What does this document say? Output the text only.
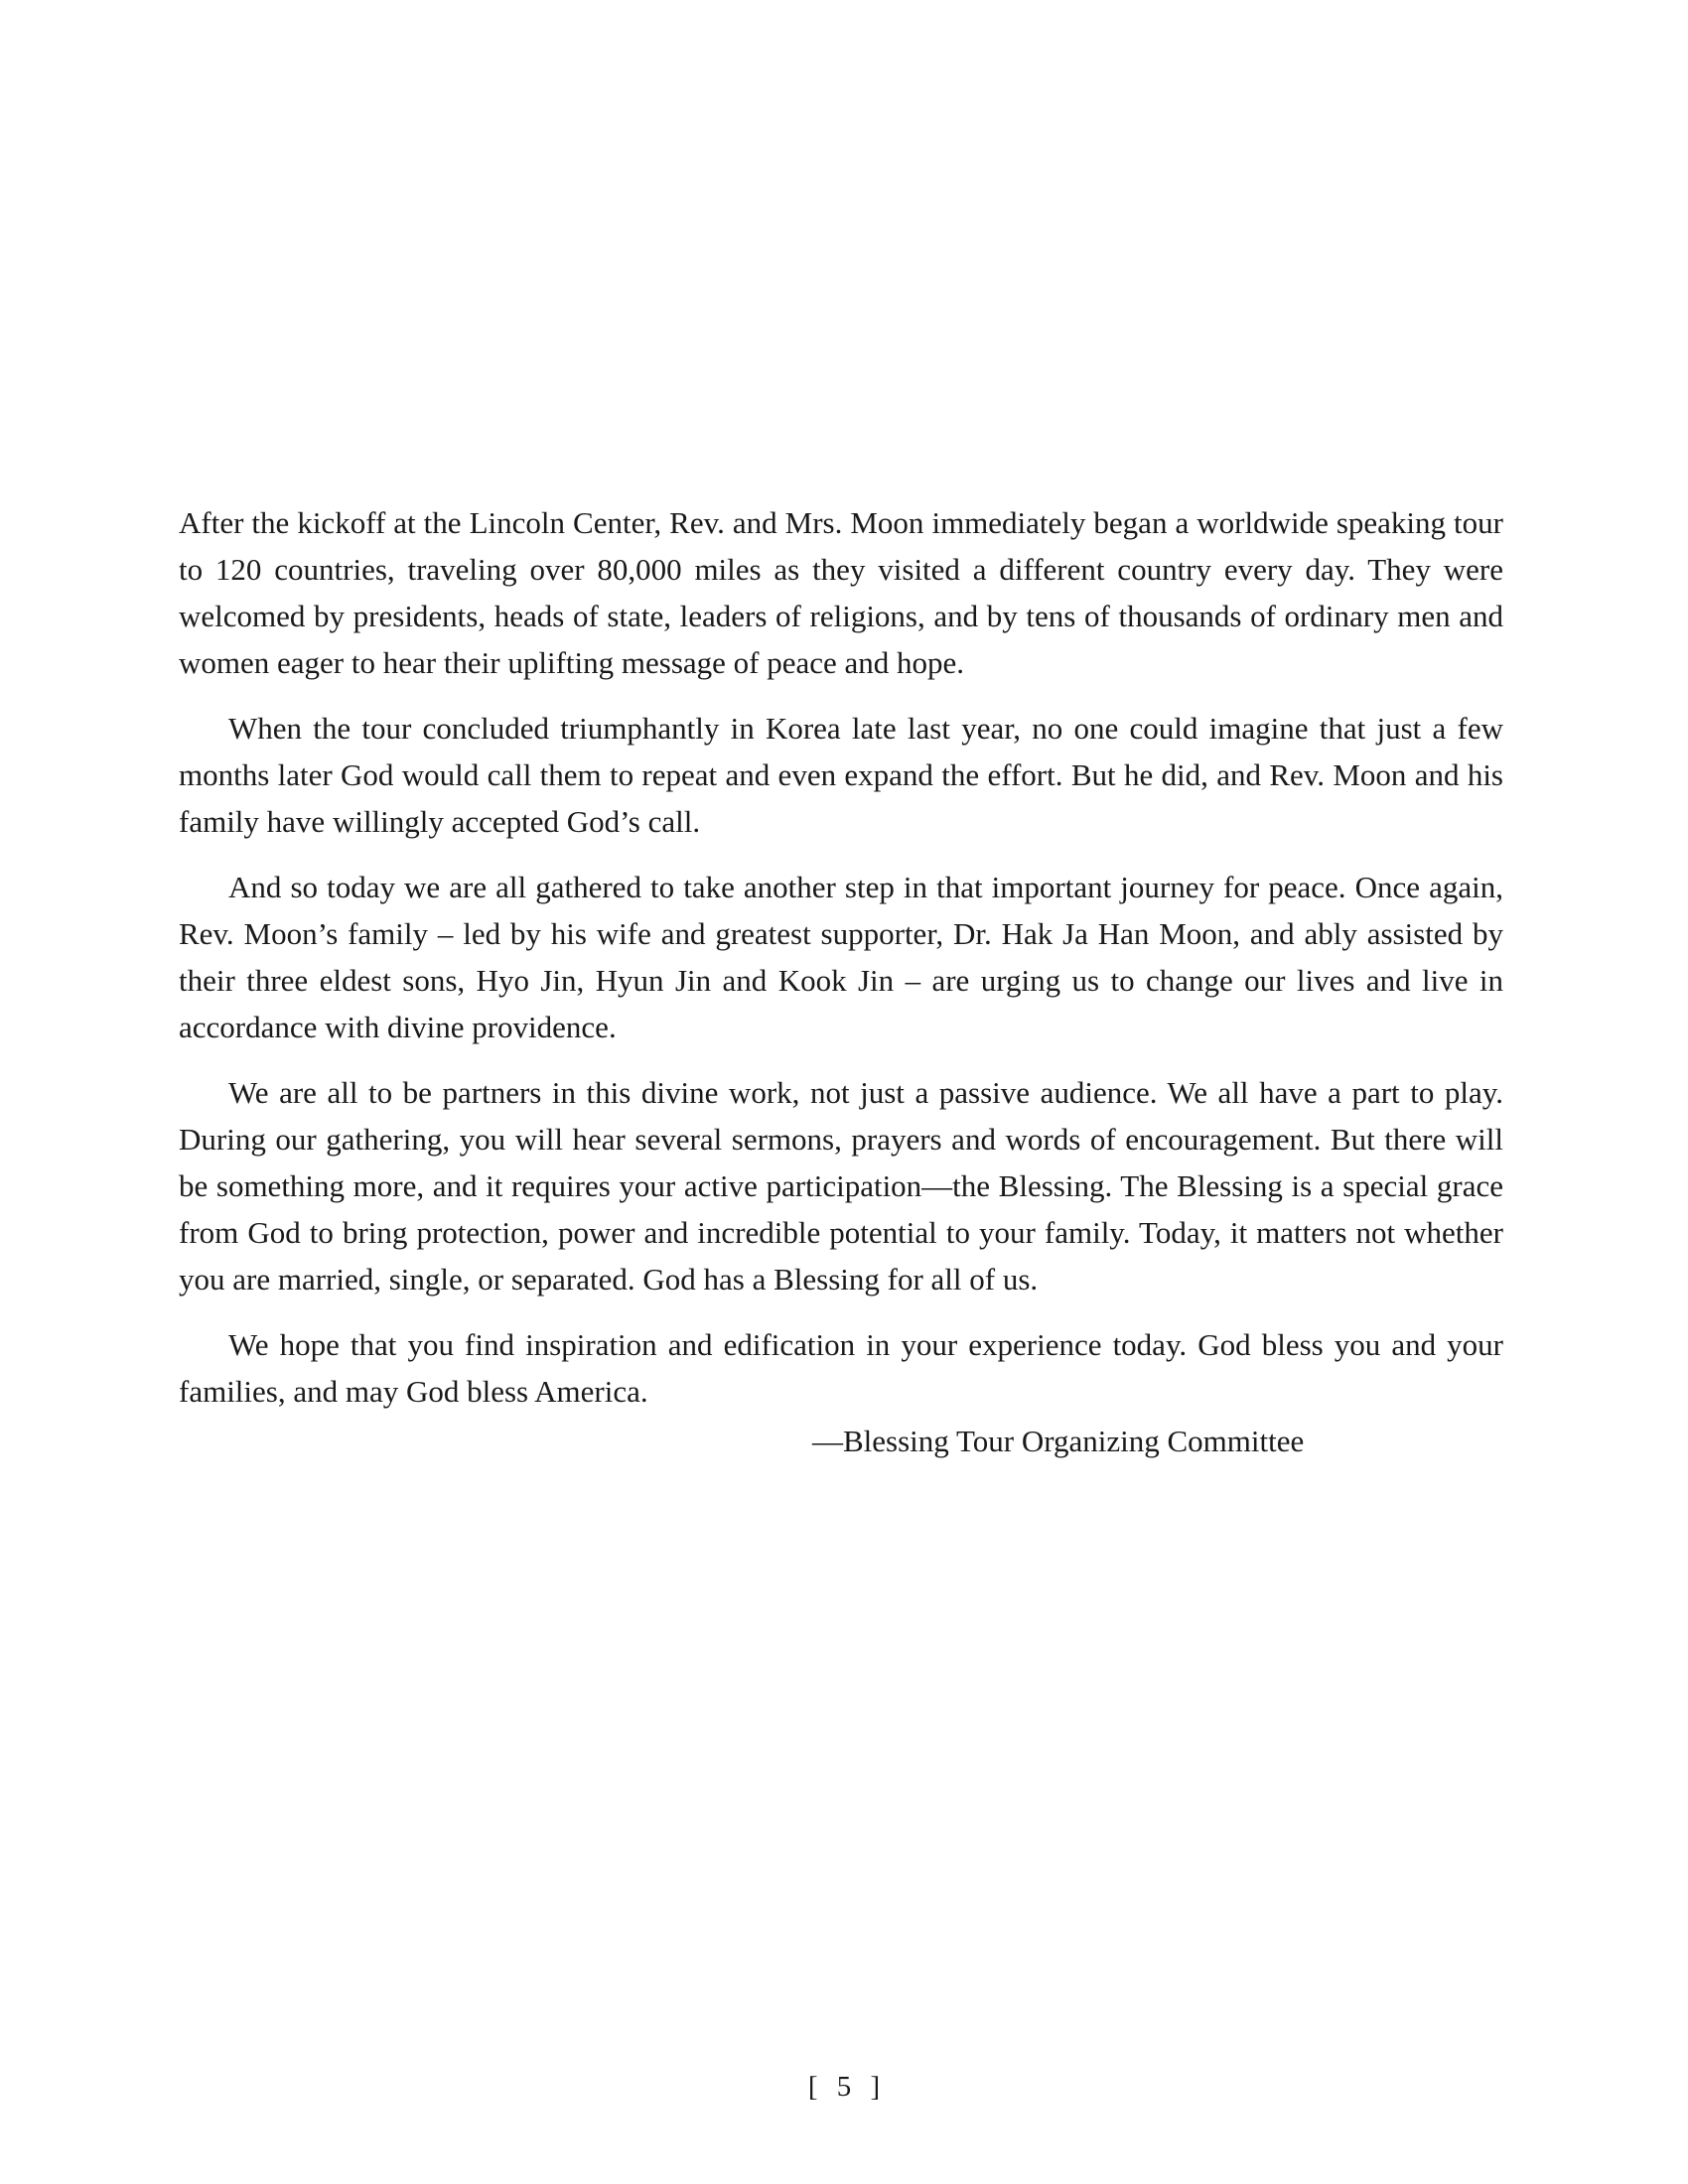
After the kickoff at the Lincoln Center, Rev. and Mrs. Moon immediately began a worldwide speaking tour to 120 countries, traveling over 80,000 miles as they visited a different country every day. They were welcomed by presidents, heads of state, leaders of religions, and by tens of thousands of ordinary men and women eager to hear their uplifting message of peace and hope.

When the tour concluded triumphantly in Korea late last year, no one could imagine that just a few months later God would call them to repeat and even expand the effort. But he did, and Rev. Moon and his family have willingly accepted God’s call.

And so today we are all gathered to take another step in that important journey for peace. Once again, Rev. Moon’s family – led by his wife and greatest supporter, Dr. Hak Ja Han Moon, and ably assisted by their three eldest sons, Hyo Jin, Hyun Jin and Kook Jin – are urging us to change our lives and live in accordance with divine providence.

We are all to be partners in this divine work, not just a passive audience. We all have a part to play. During our gathering, you will hear several sermons, prayers and words of encouragement. But there will be something more, and it requires your active participation—the Blessing. The Blessing is a special grace from God to bring protection, power and incredible potential to your family. Today, it matters not whether you are married, single, or separated. God has a Blessing for all of us.

We hope that you find inspiration and edification in your experience today. God bless you and your families, and may God bless America.

—Blessing Tour Organizing Committee
[ 5 ]
